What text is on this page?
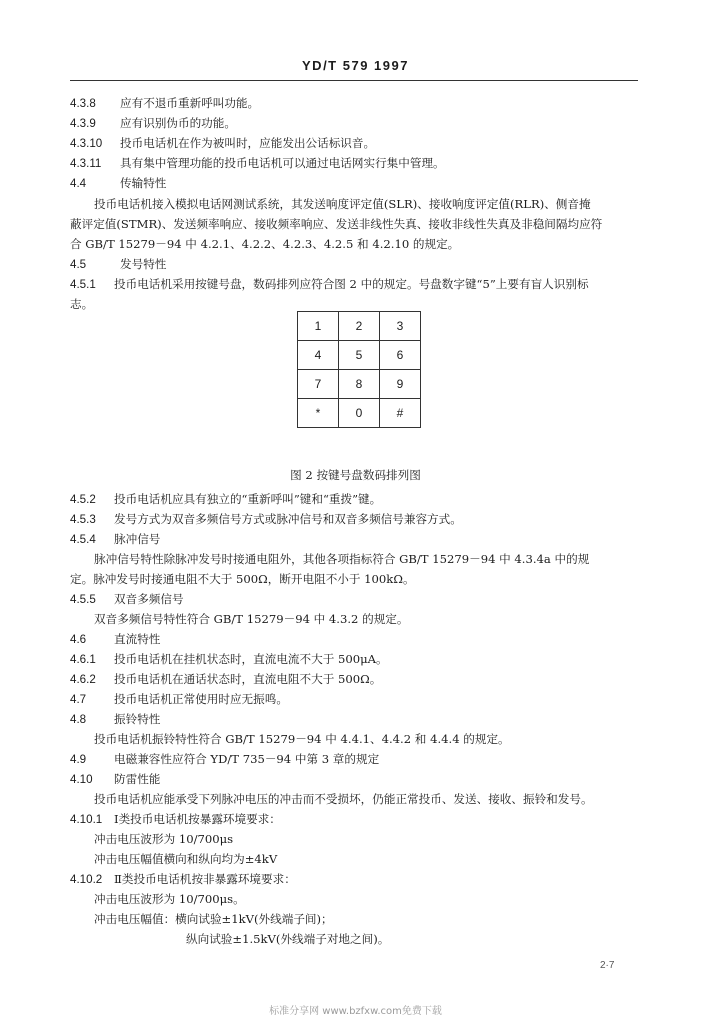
YD/T 579 1997
4.3.8 应有不退币重新呼叫功能。
4.3.9 应有识别伪币的功能。
4.3.10 投币电话机在作为被叫时，应能发出公话标识音。
4.3.11 具有集中管理功能的投币电话机可以通过电话网实行集中管理。
4.4	传输特性
投币电话机接入模拟电话网测试系统，其发送响度评定值(SLR)、接收响度评定值(RLR)、侧音掩
蔽评定值(STMR)、发送频率响应、接收频率响应、发送非线性失真、接收非线性失真及非稳间隔均应符
合 GB/T 15279－94 中 4.2.1、4.2.2、4.2.3、4.2.5 和 4.2.10 的规定。
4.5	发号特性
4.5.1 投币电话机采用按键号盘，数码排列应符合图 2 中的规定。号盘数字键“5”上要有盲人识别标
志。
4.5.2 投币电话机应具有独立的“重新呼叫”键和“重拨”键。
4.5.3 发号方式为双音多频信号方式或脉冲信号和双音多频信号兼容方式。
4.5.4 脉冲信号
脉冲信号特性除脉冲发号时接通电阻外，其他各项指标符合 GB/T 15279－94 中 4.3.4a 中的规
定。脉冲发号时接通电阻不大于 500Ω，断开电阻不小于 100kΩ。
4.5.5 双音多频信号
双音多频信号特性符合 GB/T 15279－94 中 4.3.2 的规定。
4.6 直流特性
4.6.1 投币电话机在挂机状态时，直流电流不大于 500μA。
4.6.2 投币电话机在通话状态时，直流电阻不大于 500Ω。
4.7 投币电话机正常使用时应无振鸣。
4.8 振铃特性
投币电话机振铃特性符合 GB/T 15279－94 中 4.4.1、4.4.2 和 4.4.4 的规定。
4.9 电磁兼容性应符合 YD/T 735－94 中第 3 章的规定
4.10 防雷性能
投币电话机应能承受下列脉冲电压的冲击而不受损坏，仍能正常投币、发送、接收、振铃和发号。
4.10.1 Ⅰ类投币电话机按暴露环境要求：
冲击电压波形为 10/700μs
冲击电压幅值横向和纵向均为±4kV
4.10.2 Ⅱ类投币电话机按非暴露环境要求：
冲击电压波形为 10/700μs。
冲击电压幅值：横向试验±1kV(外线端子间)；
纵向试验±1.5kV(外线端子对地之间)。
1	2	3
4	5	6
7	8	9
*	0	#
图 2 按键号盘数码排列图
2·7
标准分享网 www.bzfxw.com免费下载
